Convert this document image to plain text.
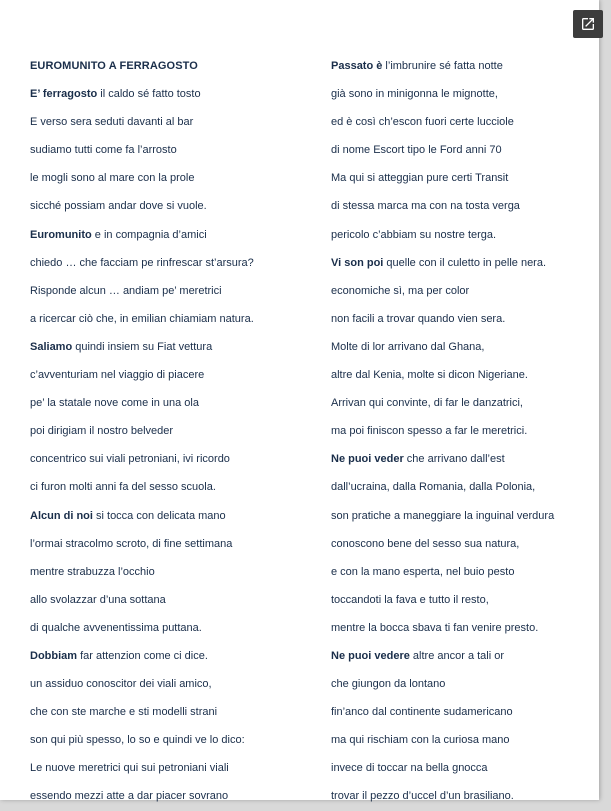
EUROMUNITO A FERRAGOSTO
E’ ferragosto il caldo sé fatto tosto
E verso sera seduti davanti al bar
sudiamo tutti come fa l’arrosto
le mogli sono al mare con la prole
sicché possiam andar dove si vuole.
Euromunito e in compagnia d’amici
chiedo … che facciam pe rinfrescar st’arsura?
Risponde alcun … andiam pe’ meretrici
a ricercar ciò che, in emilian chiamiam natura.
Saliamo quindi insiem su Fiat vettura
c’avventuriam nel viaggio di piacere
pe’ la statale nove come in una ola
poi dirigiam il nostro belveder
concentrico sui viali petroniani, ivi ricordo
ci furon molti anni fa del sesso scuola.
Alcun di noi si tocca con delicata mano
l’ormai stracolmo scroto, di fine settimana
mentre strabuzza l’occhio
allo svolazzar d’una sottana
di qualche avvenentissima puttana.
Dobbiam far attenzion come ci dice.
un assiduo conoscitor dei viali amico,
che con ste marche e sti modelli strani
son qui più spesso, lo so e quindi ve lo dico:
Le nuove meretrici qui sui petroniani viali
essendo mezzi atte a dar piacer sovrano
Passato è l’imbrunire sé fatta notte
già sono in minigonna le mignotte,
ed è così ch’escon fuori certe lucciole
di nome Escort tipo le Ford anni 70
Ma qui si atteggian pure certi Transit
di stessa marca ma con na tosta verga
pericolo c’abbiam su nostre terga.
Vi son poi quelle con il culetto in pelle nera.
economiche sì, ma per color
non facili a trovar quando vien sera.
Molte di lor arrivano dal Ghana,
altre dal Kenia, molte si dicon Nigeriane.
Arrivan qui convinte, di far le danzatrici,
ma poi finiscon spesso a far le meretrici.
Ne puoi veder che arrivano dall’est
dall’ucraina, dalla Romania, dalla Polonia,
son pratiche a maneggiare la inguinal verdura
conoscono bene del sesso sua natura,
e con la mano esperta, nel buio pesto
toccandoti la fava e tutto il resto,
mentre la bocca sbava ti fan venire presto.
Ne puoi vedere altre ancor a tali or
che giungon da lontano
fin’anco dal continente sudamericano
ma qui rischiam con la curiosa mano
invece di toccar na bella gnocca
trovar il pezzo d’uccel d’un brasiliano.
